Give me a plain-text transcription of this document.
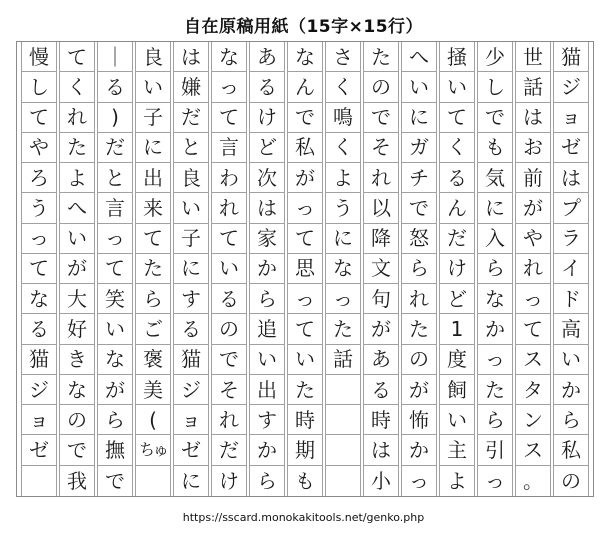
自在原稿用紙（15字×15行）
猫
ジ
ョ
ゼ
は
プ
ラ
イ
ド
高
い
か
ら
私
の
世
話
は
お
前
が
や
れ
っ
て
ス
タ
ン
ス
。
少
し
で
も
気
に
入
ら
な
か
っ
た
ら
引
っ
掻
い
て
く
る
ん
だ
け
ど
1
度
飼
い
主
よ
へ
い
に
ガ
チ
で
怒
ら
れ
た
の
が
怖
か
っ
た
の
で
そ
れ
以
降
文
句
が
あ
る
時
は
小
さ
く
鳴
く
よ
う
に
な
っ
た
話
な
ん
で
私
が
っ
て
思
っ
て
い
た
時
期
も
あ
る
け
ど
次
は
家
か
ら
追
い
出
す
か
ら
な
っ
て
言
わ
れ
て
い
る
の
で
そ
れ
だ
け
は
嫌
だ
と
良
い
子
に
す
る
猫
ジ
ョ
ゼ
に
良
い
子
に
出
来
て
た
ら
ご
褒
美
(
ちゅ
｜
る
)
だ
と
言
っ
て
笑
い
な
が
ら
撫
で
て
く
れ
た
よ
へ
い
が
大
好
き
な
の
で
我
慢
し
て
や
ろ
う
っ
て
な
る
猫
ジ
ョ
ゼ
https://sscard.monokakitools.net/genko.php
